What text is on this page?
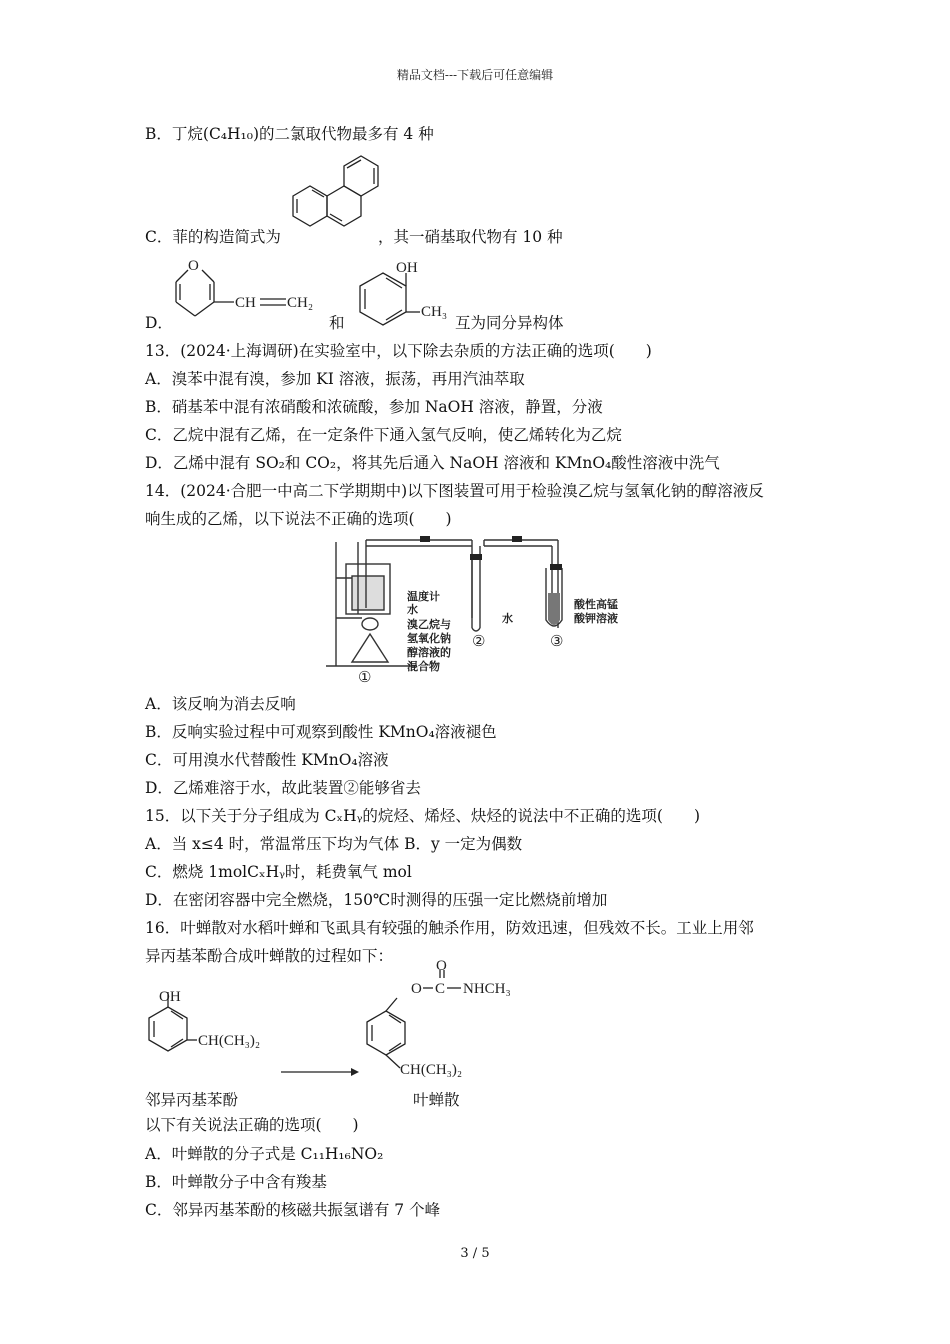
精品文档---下载后可任意编辑
B．丁烷(C₄H₁₀)的二氯取代物最多有 4 种
C．菲的构造简式为	，其一硝基取代物有 10 种
D．
O
CH CH₂
和
OH
CH₃
互为同分异构体
13．(2024·上海调研)在实验室中，以下除去杂质的方法正确的选项(　　)
A．溴苯中混有溴，参加 KI 溶液，振荡，再用汽油萃取
B．硝基苯中混有浓硝酸和浓硫酸，参加 NaOH 溶液，静置，分液
C．乙烷中混有乙烯，在一定条件下通入氢气反响，使乙烯转化为乙烷
D．乙烯中混有 SO₂和 CO₂，将其先后通入 NaOH 溶液和 KMnO₄酸性溶液中洗气
14．(2024·合肥一中高二下学期期中)以下图装置可用于检验溴乙烷与氢氧化钠的醇溶液反
响生成的乙烯，以下说法不正确的选项(　　)
温度计
水
溴乙烷与
氢氧化钠
醇溶液的
混合物
①
②	③
水
酸性高锰
酸钾溶液
A．该反响为消去反响
B．反响实验过程中可观察到酸性 KMnO₄溶液褪色
C．可用溴水代替酸性 KMnO₄溶液
D．乙烯难溶于水，故此装置②能够省去
15．以下关于分子组成为 CₓHᵧ的烷烃、烯烃、炔烃的说法中不正确的选项(　　)
A．当 x≤4 时，常温常压下均为气体 B．y 一定为偶数
C．燃烧 1molCₓHᵧ时，耗费氧气 mol
D．在密闭容器中完全燃烧，150℃时测得的压强一定比燃烧前增加
16．叶蝉散对水稻叶蝉和飞虱具有较强的触杀作用，防效迅速，但残效不长。工业上用邻
异丙基苯酚合成叶蝉散的过程如下：
OH
CH(CH₃)₂
O C
O
NHCH₃
CH(CH₃)₂
邻异丙基苯酚	叶蝉散
以下有关说法正确的选项(　　)
A．叶蝉散的分子式是 C₁₁H₁₆NO₂
B．叶蝉散分子中含有羧基
C．邻异丙基苯酚的核磁共振氢谱有 7 个峰
3 / 5
